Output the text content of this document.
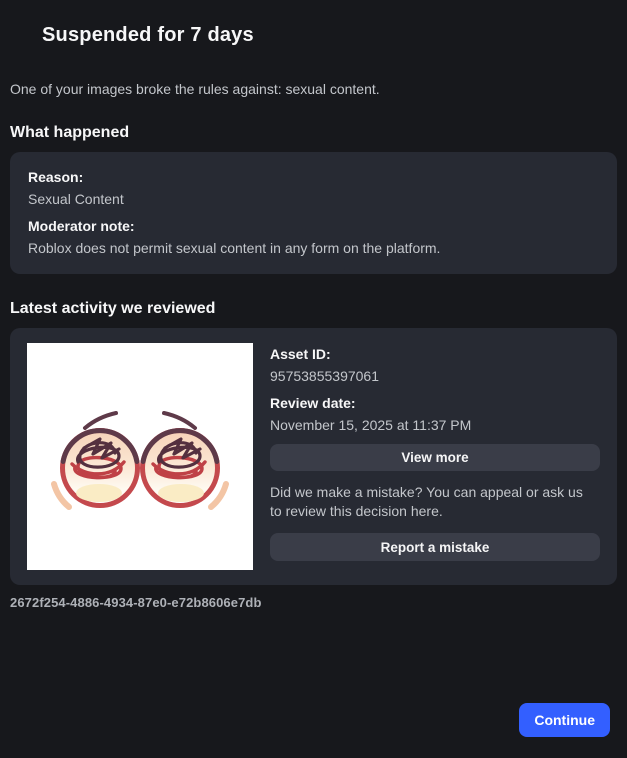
Suspended for 7 days

One of your images broke the rules against: sexual content.

What happened

Reason:

Sexual Content

Moderator note:

Roblox does not permit sexual content in any form on the platform.

Latest activity we reviewed

Asset ID:

95753855397061

Review date:

November 15, 2025 at 11:37 PM

View more

Did we make a mistake? You can appeal or ask us to review this decision here.

Report a mistake

2672f254-4886-4934-87e0-e72b8606e7db

Continue
